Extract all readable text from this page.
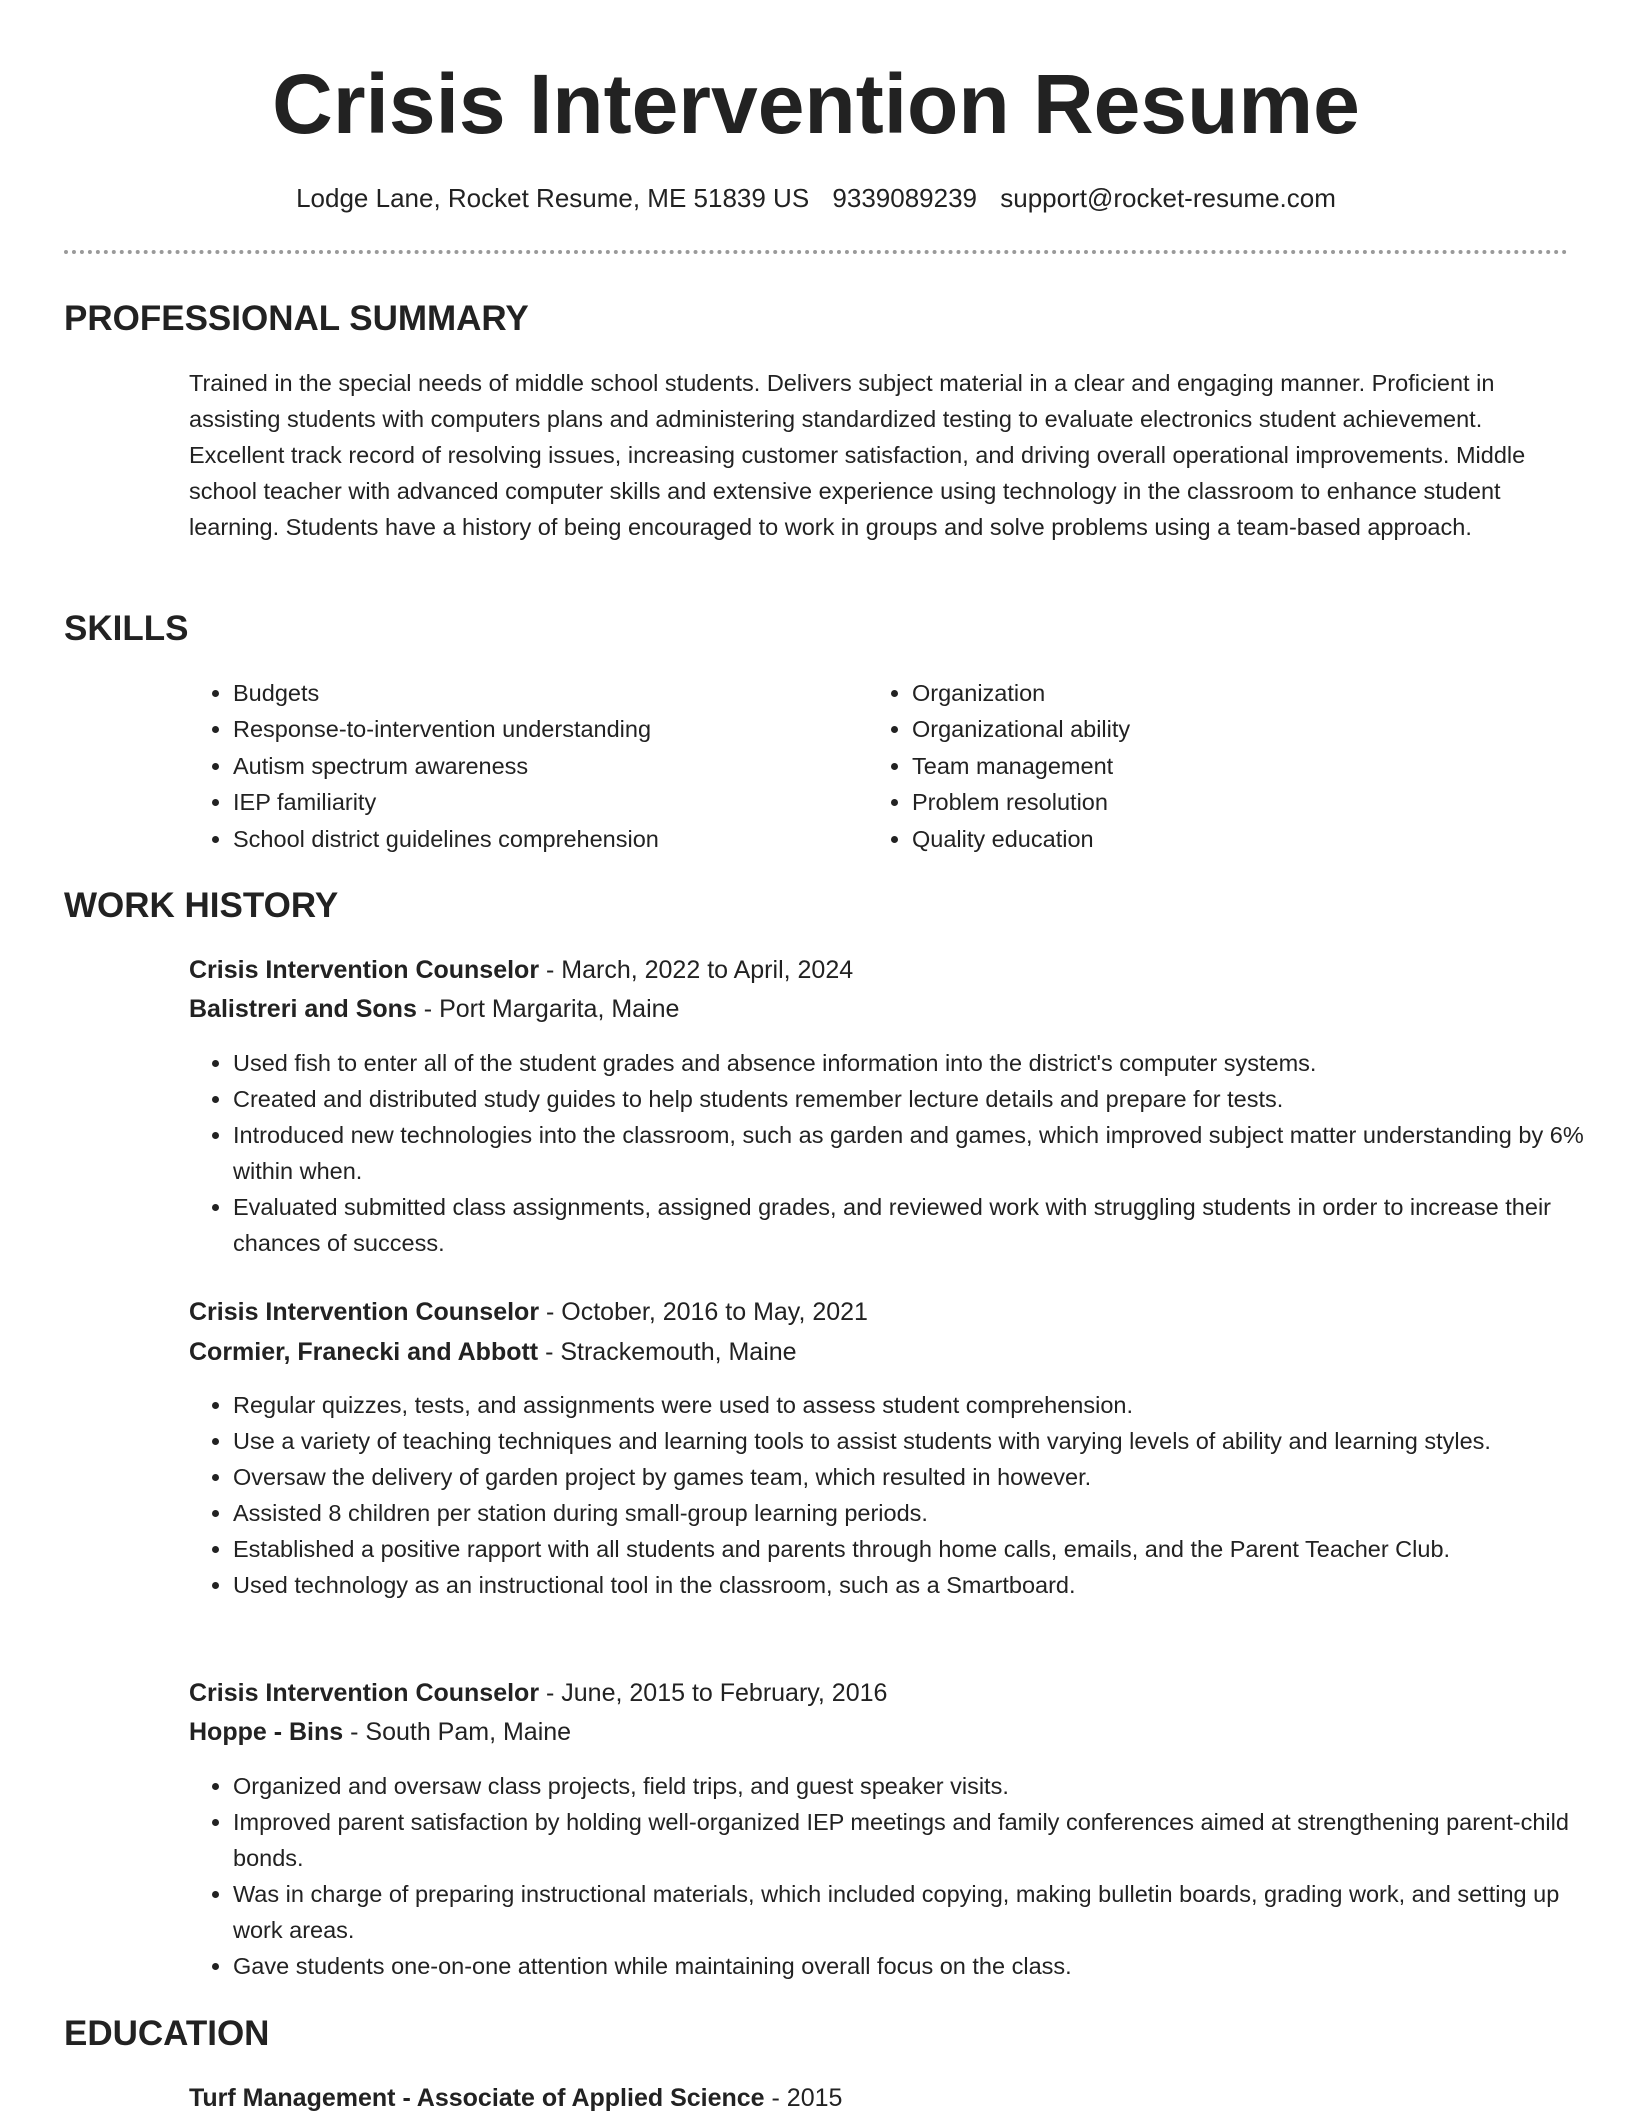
Crisis Intervention Resume
Lodge Lane, Rocket Resume, ME 51839 US 9339089239 support@rocket-resume.com
PROFESSIONAL SUMMARY

Trained in the special needs of middle school students. Delivers subject material in a clear and engaging manner. Proficient in assisting students with computers plans and administering standardized testing to evaluate electronics student achievement. Excellent track record of resolving issues, increasing customer satisfaction, and driving overall operational improvements. Middle school teacher with advanced computer skills and extensive experience using technology in the classroom to enhance student learning. Students have a history of being encouraged to work in groups and solve problems using a team-based approach.

SKILLS
• Budgets
• Response-to-intervention understanding
• Autism spectrum awareness
• IEP familiarity
• School district guidelines comprehension
• Organization
• Organizational ability
• Team management
• Problem resolution
• Quality education
WORK HISTORY
Crisis Intervention Counselor - March, 2022 to April, 2024
Balistreri and Sons - Port Margarita, Maine
• Used fish to enter all of the student grades and absence information into the district's computer systems.
• Created and distributed study guides to help students remember lecture details and prepare for tests.
• Introduced new technologies into the classroom, such as garden and games, which improved subject matter understanding by 6% within when.
• Evaluated submitted class assignments, assigned grades, and reviewed work with struggling students in order to increase their chances of success.
Crisis Intervention Counselor - October, 2016 to May, 2021
Cormier, Franecki and Abbott - Strackemouth, Maine
• Regular quizzes, tests, and assignments were used to assess student comprehension.
• Use a variety of teaching techniques and learning tools to assist students with varying levels of ability and learning styles.
• Oversaw the delivery of garden project by games team, which resulted in however.
• Assisted 8 children per station during small-group learning periods.
• Established a positive rapport with all students and parents through home calls, emails, and the Parent Teacher Club.
• Used technology as an instructional tool in the classroom, such as a Smartboard.
Crisis Intervention Counselor - June, 2015 to February, 2016
Hoppe - Bins - South Pam, Maine
• Organized and oversaw class projects, field trips, and guest speaker visits.
• Improved parent satisfaction by holding well-organized IEP meetings and family conferences aimed at strengthening parent-child bonds.
• Was in charge of preparing instructional materials, which included copying, making bulletin boards, grading work, and setting up work areas.
• Gave students one-on-one attention while maintaining overall focus on the class.
EDUCATION
Turf Management - Associate of Applied Science - 2015
